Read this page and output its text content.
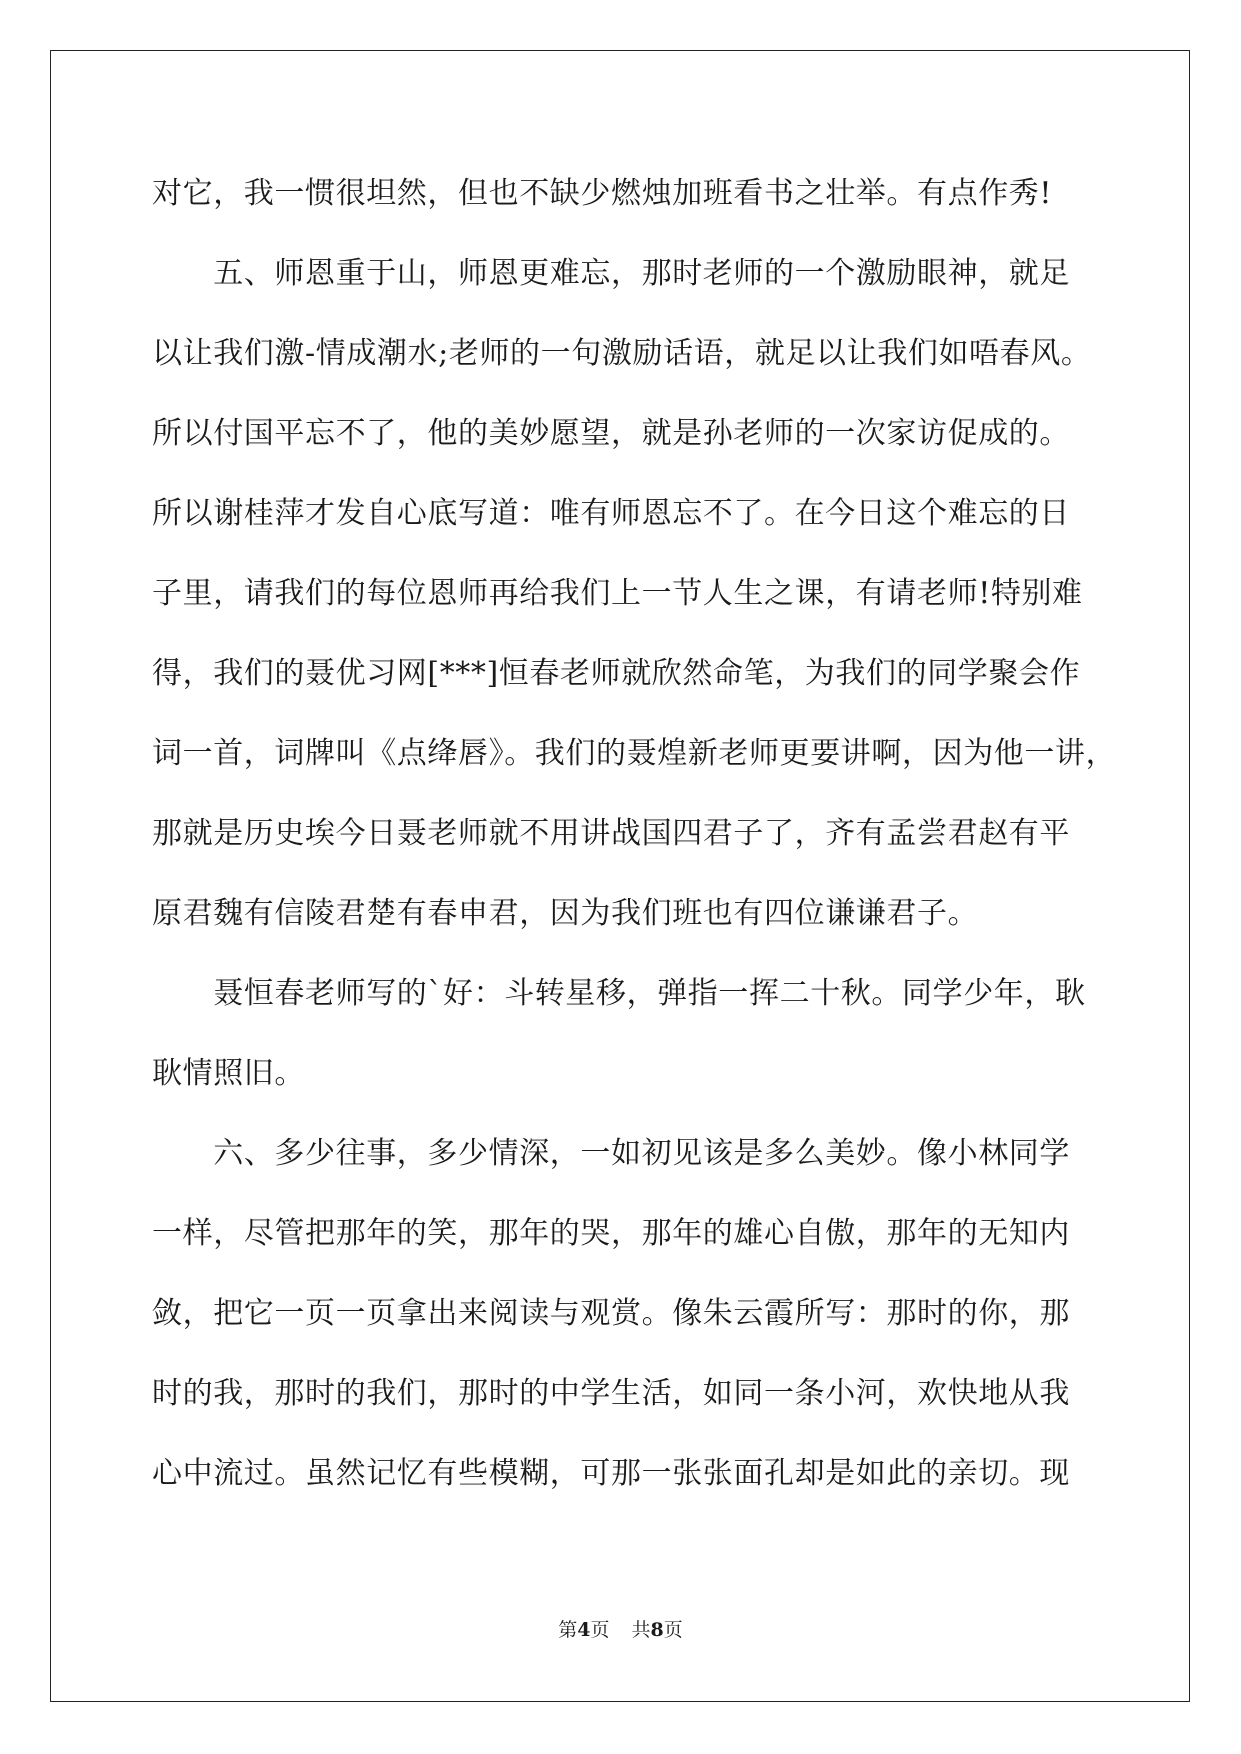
对它，我一惯很坦然，但也不缺少燃烛加班看书之壮举。有点作秀!
　　五、师恩重于山，师恩更难忘，那时老师的一个激励眼神，就足
以让我们激-情成潮水;老师的一句激励话语，就足以让我们如唔春风。
所以付国平忘不了，他的美妙愿望，就是孙老师的一次家访促成的。
所以谢桂萍才发自心底写道：唯有师恩忘不了。在今日这个难忘的日
子里，请我们的每位恩师再给我们上一节人生之课，有请老师!特别难
得，我们的聂优习网[***]恒春老师就欣然命笔，为我们的同学聚会作
词一首，词牌叫《点绛唇》。我们的聂煌新老师更要讲啊，因为他一讲，
那就是历史埃今日聂老师就不用讲战国四君子了，齐有孟尝君赵有平
原君魏有信陵君楚有春申君，因为我们班也有四位谦谦君子。
　　聂恒春老师写的`好：斗转星移，弹指一挥二十秋。同学少年，耿
耿情照旧。
　　六、多少往事，多少情深，一如初见该是多么美妙。像小林同学
一样，尽管把那年的笑，那年的哭，那年的雄心自傲，那年的无知内
敛，把它一页一页拿出来阅读与观赏。像朱云霞所写：那时的你，那
时的我，那时的我们，那时的中学生活，如同一条小河，欢快地从我
心中流过。虽然记忆有些模糊，可那一张张面孔却是如此的亲切。现
第4页 共8页
